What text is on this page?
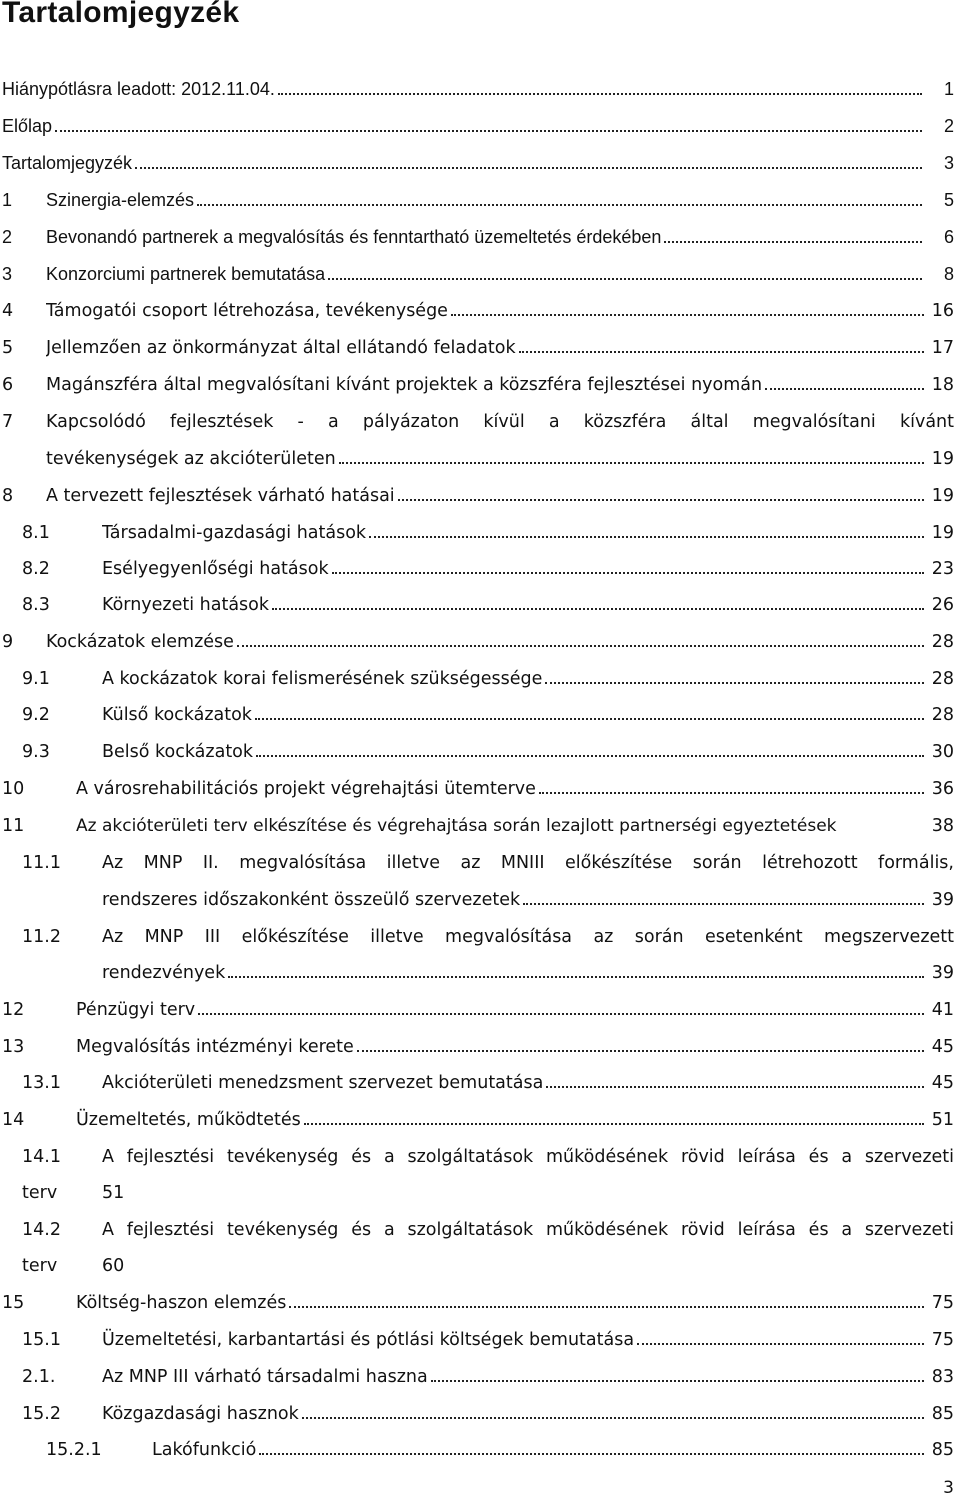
Tartalomjegyzék
Hiánypótlásra leadott: 2012.11.04.	1
Előlap	2
Tartalomjegyzék	3
1 Szinergia-elemzés	5
2 Bevonandó partnerek a megvalósítás és fenntartható üzemeltetés érdekében	6
3 Konzorciumi partnerek bemutatása	8
4 Támogatói csoport létrehozása, tevékenysége	16
5 Jellemzően az önkormányzat által ellátandó feladatok	17
6 Magánszféra által megvalósítani kívánt projektek a közszféra fejlesztései nyomán	18
7 Kapcsolódó fejlesztések - a pályázaton kívül a közszféra által megvalósítani kívánt
tevékenységek az akcióterületen	19
8 A tervezett fejlesztések várható hatásai	19
8.1	Társadalmi-gazdasági hatások	19
8.2	Esélyegyenlőségi hatások	23
8.3	Környezeti hatások	26
9 Kockázatok elemzése	28
9.1	A kockázatok korai felismerésének szükségessége	28
9.2	Külső kockázatok	28
9.3	Belső kockázatok	30
10	A városrehabilitációs projekt végrehajtási ütemterve	36
11	Az akcióterületi terv elkészítése és végrehajtása során lezajlott partnerségi egyeztetések	38
11.1 Az MNP II. megvalósítása illetve az MNIII előkészítése során létrehozott formális,
rendszeres időszakonként összeülő szervezetek	39
11.2 Az MNP III előkészítése illetve megvalósítása az során esetenként megszervezett
rendezvények	39
12	Pénzügyi terv	41
13	Megvalósítás intézményi kerete	45
13.1 Akcióterületi menedzsment szervezet bemutatása	45
14	Üzemeltetés, működtetés	51
14.1 A fejlesztési tevékenység és a szolgáltatások működésének rövid leírása és a szervezeti
terv	51
14.2 A fejlesztési tevékenység és a szolgáltatások működésének rövid leírása és a szervezeti
terv	60
15	Költség-haszon elemzés	75
15.1 Üzemeltetési, karbantartási és pótlási költségek bemutatása	75
2.1.	Az MNP III várható társadalmi haszna	83
15.2 Közgazdasági hasznok	85
15.2.1	Lakófunkció	85
3
